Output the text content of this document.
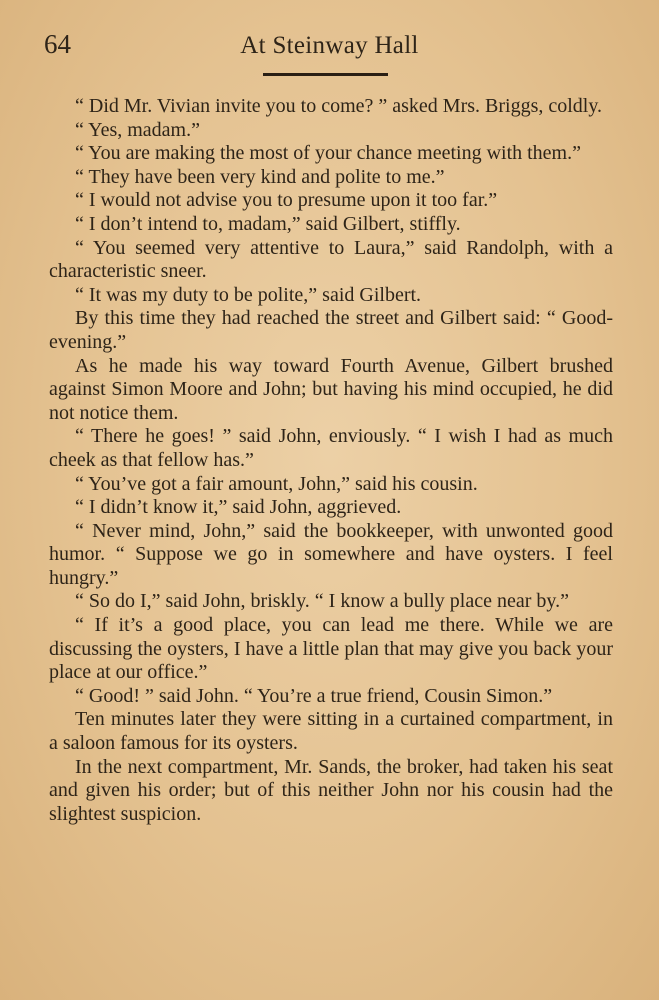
64	At Steinway Hall

“ Did Mr. Vivian invite you to come? ” asked Mrs. Briggs, coldly.

“ Yes, madam.”

“ You are making the most of your chance meeting with them.”

“ They have been very kind and polite to me.”

“ I would not advise you to presume upon it too far.”

“ I don’t intend to, madam,” said Gilbert, stiffly.

“ You seemed very attentive to Laura,” said Randolph, with a characteristic sneer.

“ It was my duty to be polite,” said Gilbert.

By this time they had reached the street and Gilbert said: “ Good-evening.”

As he made his way toward Fourth Avenue, Gilbert brushed against Simon Moore and John; but having his mind occupied, he did not notice them.

“ There he goes! ” said John, enviously. “ I wish I had as much cheek as that fellow has.”

“ You’ve got a fair amount, John,” said his cousin.

“ I didn’t know it,” said John, aggrieved.

“ Never mind, John,” said the bookkeeper, with unwonted good humor. “ Suppose we go in somewhere and have oysters. I feel hungry.”

“ So do I,” said John, briskly. “ I know a bully place near by.”

“ If it’s a good place, you can lead me there. While we are discussing the oysters, I have a little plan that may give you back your place at our office.”

“ Good! ” said John. “ You’re a true friend, Cousin Simon.”

Ten minutes later they were sitting in a curtained compartment, in a saloon famous for its oysters.

In the next compartment, Mr. Sands, the broker, had taken his seat and given his order; but of this neither John nor his cousin had the slightest suspicion.
